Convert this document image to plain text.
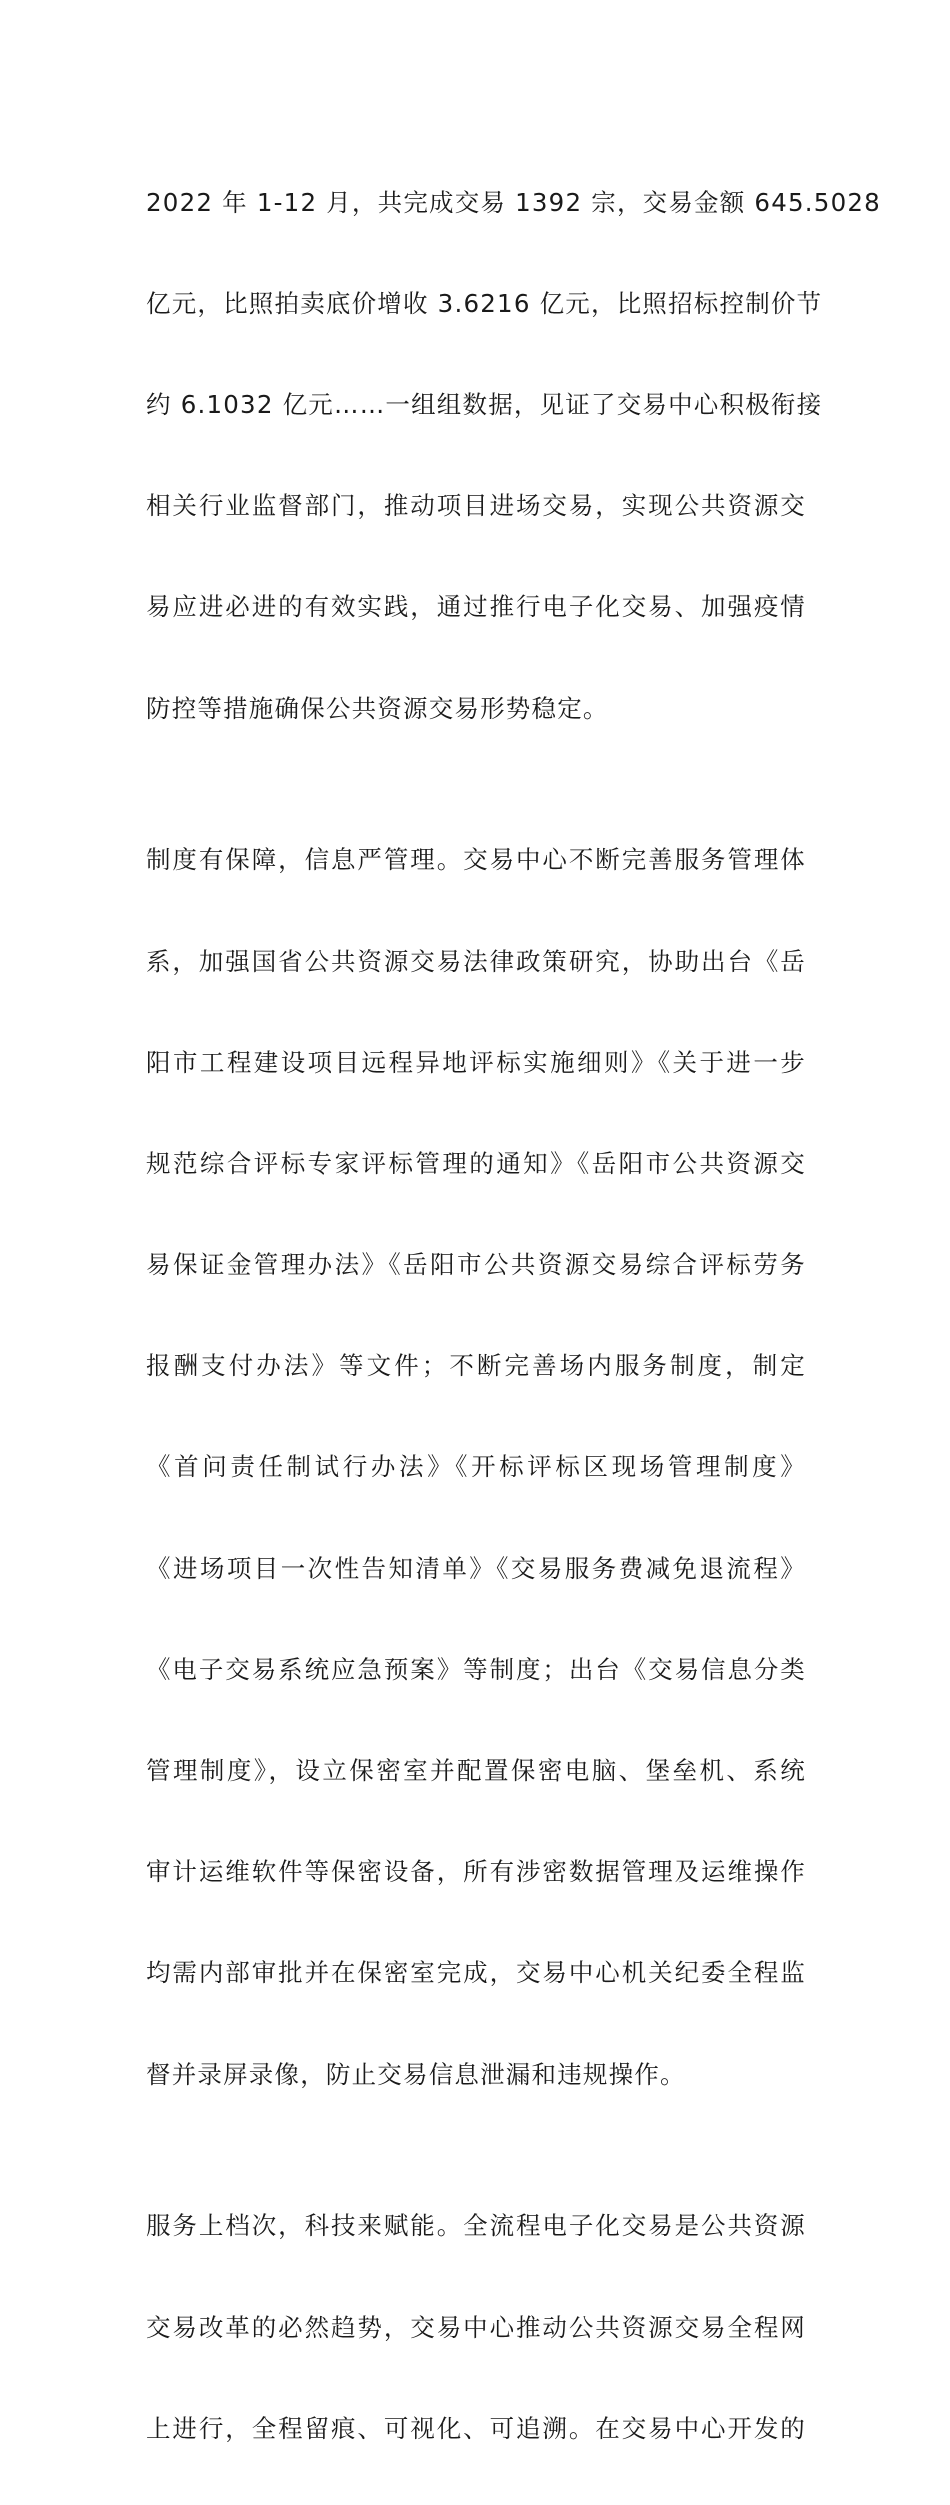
2022 年 1-12 月，共完成交易 1392 宗，交易金额 645.5028

亿元，比照拍卖底价增收 3.6216 亿元，比照招标控制价节

约 6.1032 亿元……一组组数据，见证了交易中心积极衔接

相关行业监督部门，推动项目进场交易，实现公共资源交

易应进必进的有效实践，通过推行电子化交易、加强疫情

防控等措施确保公共资源交易形势稳定。

制度有保障，信息严管理。交易中心不断完善服务管理体

系，加强国省公共资源交易法律政策研究，协助出台《岳

阳市工程建设项目远程异地评标实施细则》《关于进一步

规范综合评标专家评标管理的通知》《岳阳市公共资源交

易保证金管理办法》《岳阳市公共资源交易综合评标劳务

报酬支付办法》等文件；不断完善场内服务制度，制定

《首问责任制试行办法》《开标评标区现场管理制度》

《进场项目一次性告知清单》《交易服务费减免退流程》

《电子交易系统应急预案》等制度；出台《交易信息分类

管理制度》，设立保密室并配置保密电脑、堡垒机、系统

审计运维软件等保密设备，所有涉密数据管理及运维操作

均需内部审批并在保密室完成，交易中心机关纪委全程监

督并录屏录像，防止交易信息泄漏和违规操作。

服务上档次，科技来赋能。全流程电子化交易是公共资源

交易改革的必然趋势，交易中心推动公共资源交易全程网

上进行，全程留痕、可视化、可追溯。在交易中心开发的
